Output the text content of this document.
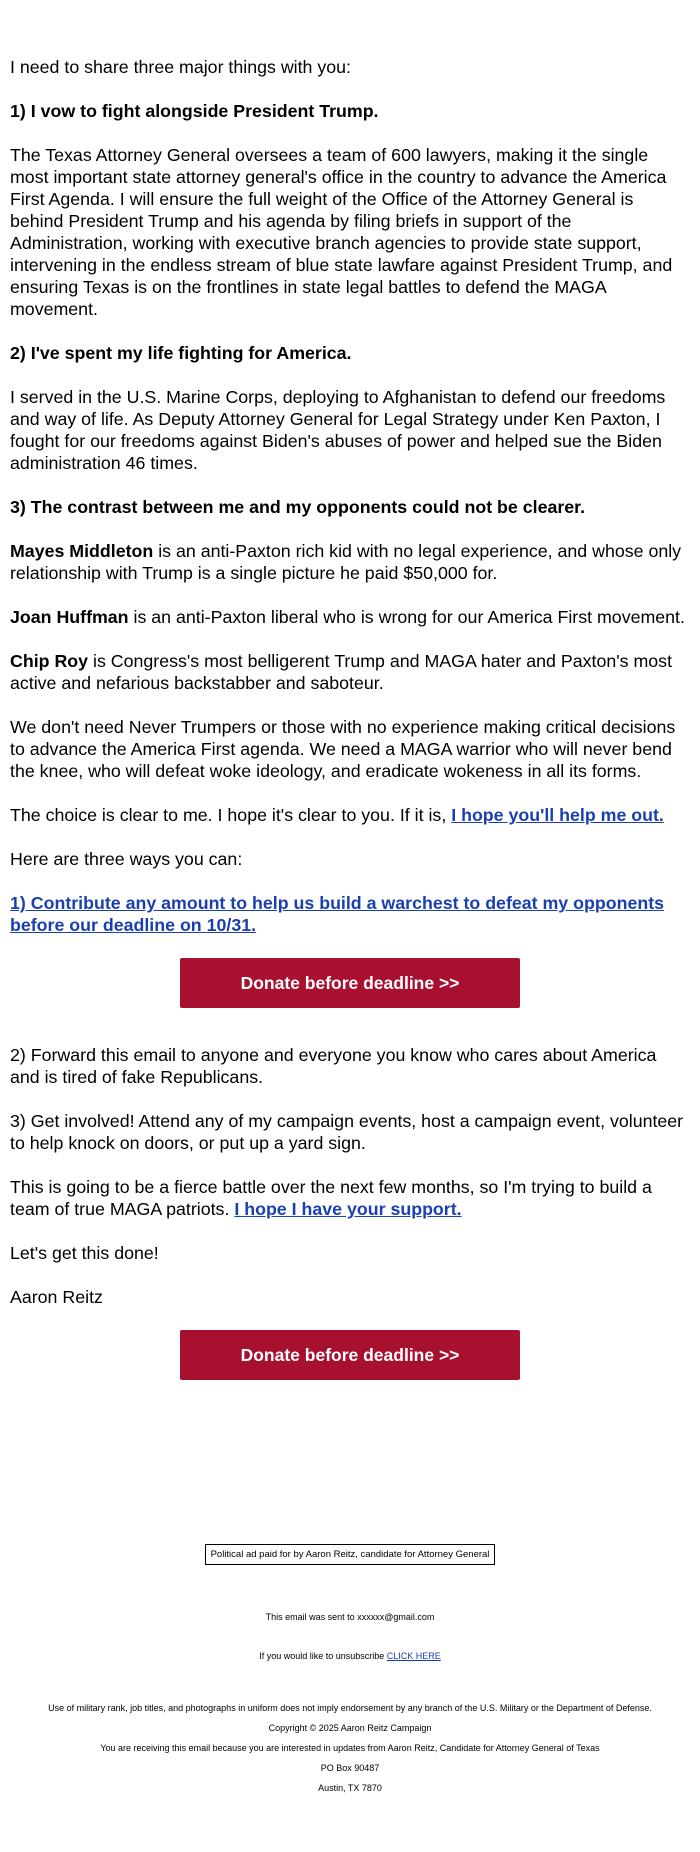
I need to share three major things with you:

1) I vow to fight alongside President Trump.

The Texas Attorney General oversees a team of 600 lawyers, making it the single most important state attorney general's office in the country to advance the America First Agenda. I will ensure the full weight of the Office of the Attorney General is behind President Trump and his agenda by filing briefs in support of the Administration, working with executive branch agencies to provide state support, intervening in the endless stream of blue state lawfare against President Trump, and ensuring Texas is on the frontlines in state legal battles to defend the MAGA movement.

2) I've spent my life fighting for America.

I served in the U.S. Marine Corps, deploying to Afghanistan to defend our freedoms and way of life. As Deputy Attorney General for Legal Strategy under Ken Paxton, I fought for our freedoms against Biden's abuses of power and helped sue the Biden administration 46 times.

3) The contrast between me and my opponents could not be clearer.

Mayes Middleton is an anti-Paxton rich kid with no legal experience, and whose only relationship with Trump is a single picture he paid $50,000 for.

Joan Huffman is an anti-Paxton liberal who is wrong for our America First movement.

Chip Roy is Congress's most belligerent Trump and MAGA hater and Paxton's most active and nefarious backstabber and saboteur.

We don't need Never Trumpers or those with no experience making critical decisions to advance the America First agenda. We need a MAGA warrior who will never bend the knee, who will defeat woke ideology, and eradicate wokeness in all its forms.

The choice is clear to me. I hope it's clear to you. If it is, I hope you'll help me out.

Here are three ways you can:

1) Contribute any amount to help us build a warchest to defeat my opponents before our deadline on 10/31.

Donate before deadline >>

2) Forward this email to anyone and everyone you know who cares about America and is tired of fake Republicans.

3) Get involved! Attend any of my campaign events, host a campaign event, volunteer to help knock on doors, or put up a yard sign.

This is going to be a fierce battle over the next few months, so I'm trying to build a team of true MAGA patriots. I hope I have your support.

Let's get this done!

Aaron Reitz

Donate before deadline >>
Political ad paid for by Aaron Reitz, candidate for Attorney General
This email was sent to xxxxxx@gmail.com
If you would like to unsubscribe CLICK HERE
Use of military rank, job titles, and photographs in uniform does not imply endorsement by any branch of the U.S. Military or the Department of Defense.
Copyright © 2025 Aaron Reitz Campaign
You are receiving this email because you are interested in updates from Aaron Reitz, Candidate for Attorney General of Texas
PO Box 90487
Austin, TX 7870
